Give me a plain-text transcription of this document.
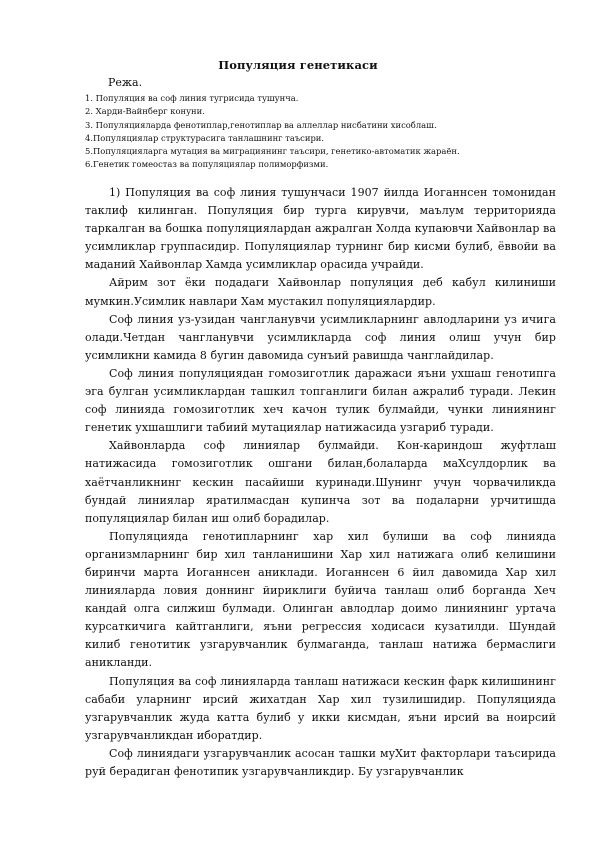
Популяция генетикаси
Режа.
1. Популяция ва соф линия тугрисида тушунча.
2. Харди-Вайнберг конуни.
3. Популяцияларда фенотиплар,генотиплар ва аллеллар нисбатини хисоблаш.
4.Популяциялар структурасига танлашнинг таъсири.
5.Популяцияларга мутация ва миграциянинг таъсири, генетико-автоматик жараён.
6.Генетик гомеостаз ва популяциялар полиморфизми.

1) Популяция ва соф линия тушунчаси 1907 йилда Иоганнсен томонидан таклиф килинган. Популяция бир турга кирувчи, маълум территорияда таркалган ва бошка популяциялардан ажралган Холда купаювчи Хайвонлар ва усимликлар группасидир. Популяциялар турнинг бир кисми булиб, ёввойи ва маданий Хайвонлар Хамда усимликлар орасида учрайди.

Айрим зот ёки подадаги Хайвонлар популяция деб кабул килиниши мумкин.Усимлик навлари Хам мустакил популяциялардир.

Соф линия уз-узидан чангланувчи усимликларнинг авлодларини уз ичига олади.Четдан чангланувчи усимликларда соф линия олиш учун бир усимликни камида 8 бугин давомида сунъий равишда чанглайдилар.

Соф линия популяциядан гомозиготлик даражаси яъни ухшаш генотипга эга булган усимликлардан ташкил топганлиги билан ажралиб туради. Лекин соф линияда гомозиготлик хеч качон тулик булмайди, чунки линиянинг генетик ухшашлиги табиий мутациялар натижасида узгариб туради.

Хайвонларда соф линиялар булмайди. Кон-кариндош жуфтлаш натижасида гомозиготлик ошгани билан,болаларда маХсулдорлик ва хаётчанликнинг кескин пасайиши куринади.Шунинг учун чорвачиликда бундай линиялар яратилмасдан купинча зот ва подаларни урчитишда популяциялар билан иш олиб борадилар.

Популяцияда генотипларнинг хар хил булиши ва соф линияда организмларнинг бир хил танланишини Хар хил натижага олиб келишини биринчи марта Иоганнсен аниклади. Иоганнсен 6 йил давомида Хар хил линияларда ловия доннинг йириклиги буйича танлаш олиб борганда Хеч кандай олга силжиш булмади. Олинган авлодлар доимо линиянинг уртача курсаткичига кайтганлиги, яъни регрессия ходисаси кузатилди. Шундай килиб генотитик узгарувчанлик булмаганда, танлаш натижа бермаслиги аникланди.

Популяция ва соф линияларда танлаш натижаси кескин фарк килишининг сабаби уларнинг ирсий жихатдан Хар хил тузилишидир. Популяцияда узгарувчанлик жуда катта булиб у икки кисмдан, яъни ирсий ва ноирсий узгарувчанликдан иборатдир.

Соф линиядаги узгарувчанлик асосан ташки муХит факторлари таъсирида руй берадиган фенотипик узгарувчанликдир. Бу узгарувчанлик
